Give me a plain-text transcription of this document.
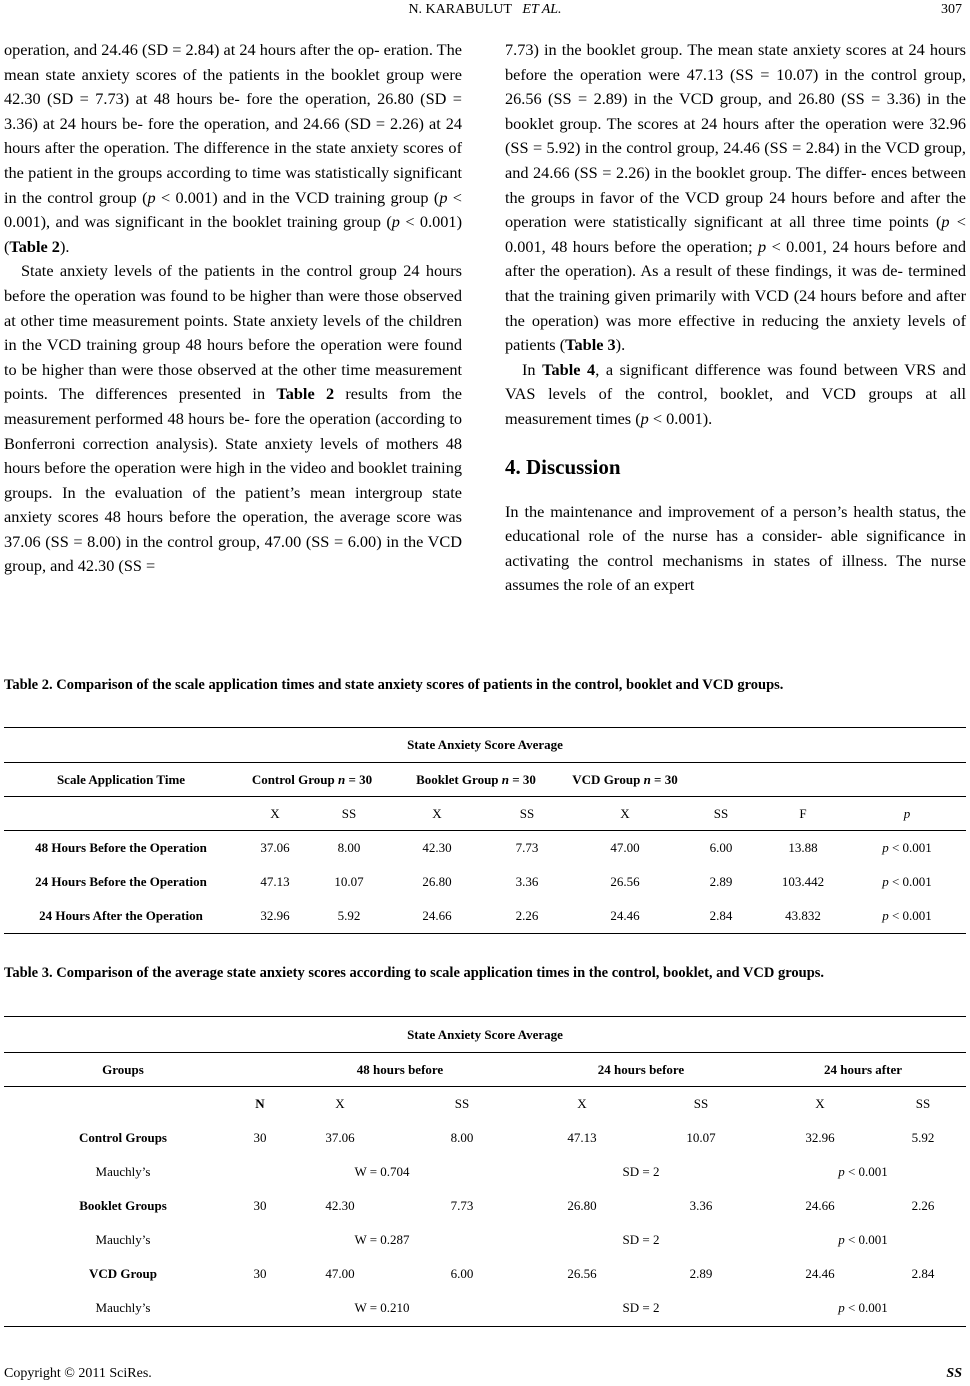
N. KARABULUT ET AL.	307

operation, and 24.46 (SD = 2.84) at 24 hours after the op- eration. The mean state anxiety scores of the patients in the booklet group were 42.30 (SD = 7.73) at 48 hours be- fore the operation, 26.80 (SD = 3.36) at 24 hours be- fore the operation, and 24.66 (SD = 2.26) at 24 hours after the operation. The difference in the state anxiety scores of the patient in the groups according to time was statistically significant in the control group (p < 0.001) and in the VCD training group (p < 0.001), and was significant in the booklet training group (p < 0.001) (Table 2).

State anxiety levels of the patients in the control group 24 hours before the operation was found to be higher than were those observed at other time measurement points. State anxiety levels of the children in the VCD training group 48 hours before the operation were found to be higher than were those observed at the other time measurement points. The differences presented in Table 2 results from the measurement performed 48 hours be- fore the operation (according to Bonferroni correction analysis). State anxiety levels of mothers 48 hours before the operation were high in the video and booklet training groups. In the evaluation of the patient’s mean intergroup state anxiety scores 48 hours before the operation, the average score was 37.06 (SS = 8.00) in the control group, 47.00 (SS = 6.00) in the VCD group, and 42.30 (SS =

7.73) in the booklet group. The mean state anxiety scores at 24 hours before the operation were 47.13 (SS = 10.07) in the control group, 26.56 (SS = 2.89) in the VCD group, and 26.80 (SS = 3.36) in the booklet group. The scores at 24 hours after the operation were 32.96 (SS = 5.92) in the control group, 24.46 (SS = 2.84) in the VCD group, and 24.66 (SS = 2.26) in the booklet group. The differ- ences between the groups in favor of the VCD group 24 hours before and after the operation were statistically significant at all three time points (p < 0.001, 48 hours before the operation; p < 0.001, 24 hours before and after the operation). As a result of these findings, it was de- termined that the training given primarily with VCD (24 hours before and after the operation) was more effective in reducing the anxiety levels of patients (Table 3).

In Table 4, a significant difference was found between VRS and VAS levels of the control, booklet, and VCD groups at all measurement times (p < 0.001).

4. Discussion

In the maintenance and improvement of a person’s health status, the educational role of the nurse has a consider- able significance in activating the control mechanisms in states of illness. The nurse assumes the role of an expert

Table 2. Comparison of the scale application times and state anxiety scores of patients in the control, booklet and VCD groups.
State Anxiety Score Average								
Scale Application Time	Control Group n = 30		Booklet Group n = 30		VCD Group n = 30			
	X	SS	X	SS	X	SS	F	p
48 Hours Before the Operation	37.06	8.00	42.30	7.73	47.00	6.00	13.88	p < 0.001
24 Hours Before the Operation	47.13	10.07	26.80	3.36	26.56	2.89	103.442	p < 0.001
24 Hours After the Operation	32.96	5.92	24.66	2.26	24.46	2.84	43.832	p < 0.001
Table 3. Comparison of the average state anxiety scores according to scale application times in the control, booklet, and VCD groups.
State Anxiety Score Average							
Groups		48 hours before		24 hours before		24 hours after	
	N	X	SS	X	SS	X	SS
Control Groups	30	37.06	8.00	47.13	10.07	32.96	5.92
Mauchly’s	W = 0.704			SD = 2		p < 0.001	
Booklet Groups	30	42.30	7.73	26.80	3.36	24.66	2.26
Mauchly’s	W = 0.287			SD = 2		p < 0.001	
VCD Group	30	47.00	6.00	26.56	2.89	24.46	2.84
Mauchly’s	W = 0.210			SD = 2		p < 0.001	
Copyright © 2011 SciRes.	SS
